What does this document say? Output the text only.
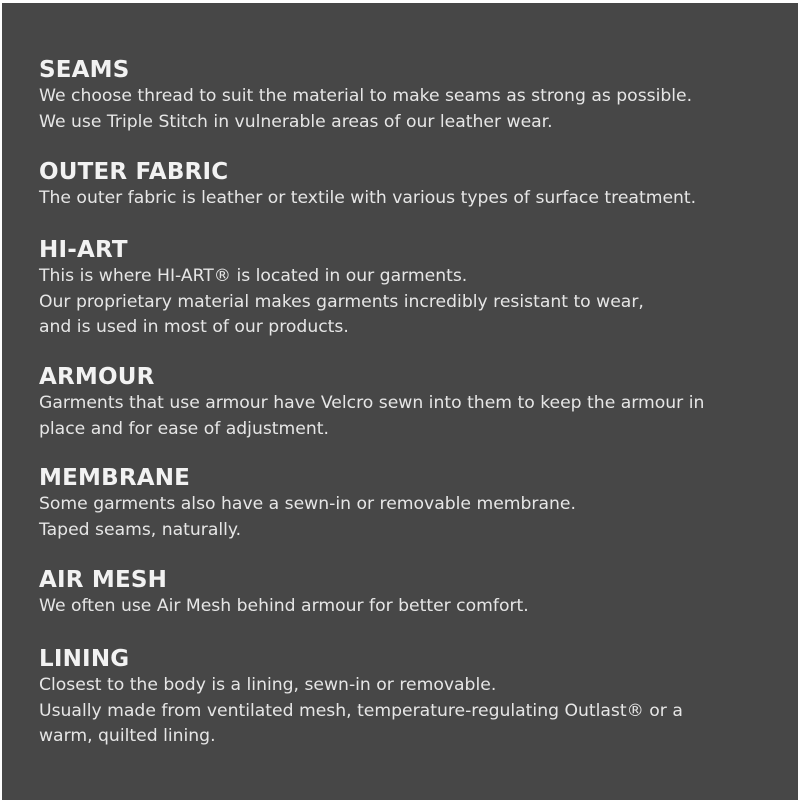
SEAMS

We choose thread to suit the material to make seams as strong as possible.

We use Triple Stitch in vulnerable areas of our leather wear.

OUTER FABRIC

The outer fabric is leather or textile with various types of surface treatment.

HI-ART

This is where HI-ART® is located in our garments.

Our proprietary material makes garments incredibly resistant to wear,

and is used in most of our products.

ARMOUR

Garments that use armour have Velcro sewn into them to keep the armour in

place and for ease of adjustment.

MEMBRANE

Some garments also have a sewn-in or removable membrane.

Taped seams, naturally.

AIR MESH

We often use Air Mesh behind armour for better comfort.

LINING

Closest to the body is a lining, sewn-in or removable.

Usually made from ventilated mesh, temperature-regulating Outlast® or a

warm, quilted lining.
